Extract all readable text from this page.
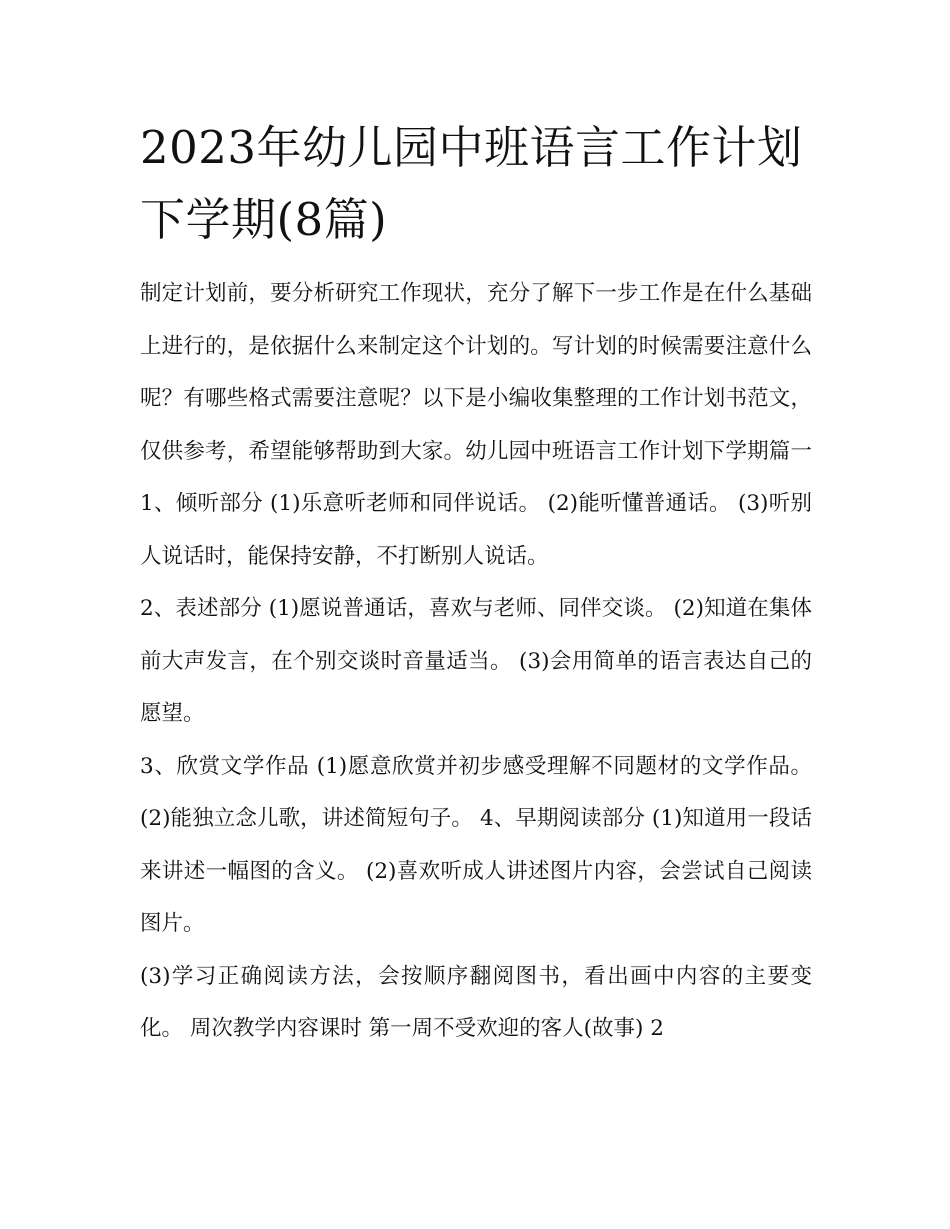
2023年幼儿园中班语言工作计划下学期(8篇)

制定计划前，要分析研究工作现状，充分了解下一步工作是在什么基础上进行的，是依据什么来制定这个计划的。写计划的时候需要注意什么呢？有哪些格式需要注意呢？以下是小编收集整理的工作计划书范文，仅供参考，希望能够帮助到大家。幼儿园中班语言工作计划下学期篇一 1、倾听部分 (1)乐意听老师和同伴说话。 (2)能听懂普通话。 (3)听别人说话时，能保持安静，不打断别人说话。

2、表述部分 (1)愿说普通话，喜欢与老师、同伴交谈。 (2)知道在集体前大声发言，在个别交谈时音量适当。 (3)会用简单的语言表达自己的愿望。

3、欣赏文学作品 (1)愿意欣赏并初步感受理解不同题材的文学作品。 (2)能独立念儿歌，讲述简短句子。 4、早期阅读部分 (1)知道用一段话来讲述一幅图的含义。 (2)喜欢听成人讲述图片内容，会尝试自己阅读图片。

(3)学习正确阅读方法，会按顺序翻阅图书，看出画中内容的主要变化。 周次教学内容课时 第一周不受欢迎的客人(故事) 2
